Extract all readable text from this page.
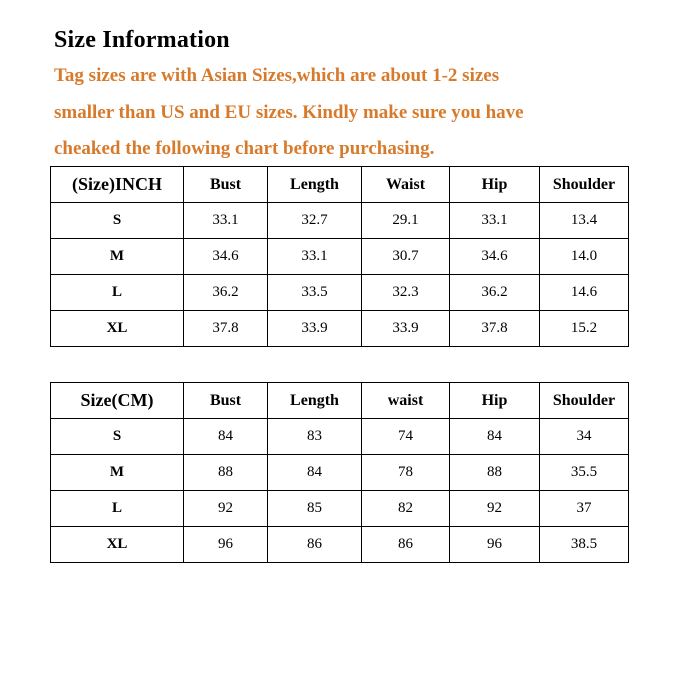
Size Information
Tag sizes are with Asian Sizes,which are about 1-2 sizes
smaller than US and EU sizes. Kindly make sure you have
cheaked the following chart before purchasing.
(Size)INCH	Bust	Length	Waist	Hip	Shoulder
S	33.1	32.7	29.1	33.1	13.4
M	34.6	33.1	30.7	34.6	14.0
L	36.2	33.5	32.3	36.2	14.6
XL	37.8	33.9	33.9	37.8	15.2
Size(CM)	Bust	Length	waist	Hip	Shoulder
S	84	83	74	84	34
M	88	84	78	88	35.5
L	92	85	82	92	37
XL	96	86	86	96	38.5
